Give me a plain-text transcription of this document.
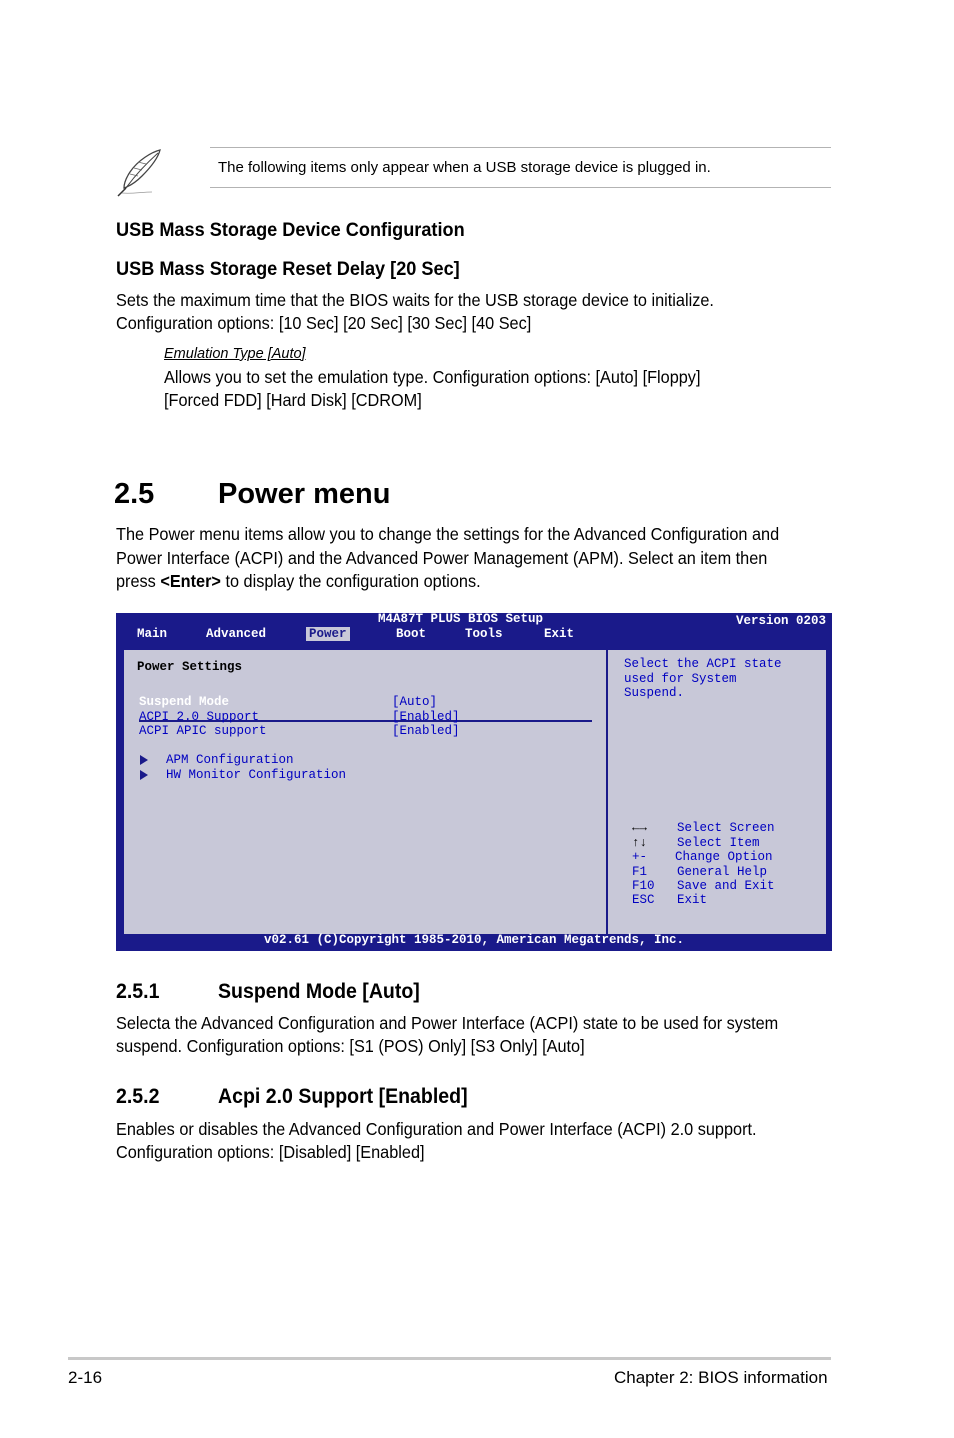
The following items only appear when a USB storage device is plugged in.
USB Mass Storage Device Configuration
USB Mass Storage Reset Delay [20 Sec]
Sets the maximum time that the BIOS waits for the USB storage device to initialize.
Configuration options: [10 Sec] [20 Sec] [30 Sec] [40 Sec]
Emulation Type [Auto]
Allows you to set the emulation type. Configuration options: [Auto] [Floppy]
[Forced FDD] [Hard Disk] [CDROM]
2.5 Power menu
The Power menu items allow you to change the settings for the Advanced Configuration and
Power Interface (ACPI) and the Advanced Power Management (APM). Select an item then
press <Enter> to display the configuration options.
M4A87T PLUS BIOS Setup	Version 0203
Main	Advanced	Power	Boot	Tools	Exit
Power Settings
Suspend Mode	[Auto]
ACPI 2.0 Support	[Enabled]
ACPI APIC support	[Enabled]
APM Configuration
HW Monitor Configuration
Select the ACPI state
used for System
Suspend.
←→ Select Screen
↑↓ Select Item
+- Change Option
F1 General Help
F10 Save and Exit
ESC Exit
v02.61 (C)Copyright 1985-2010, American Megatrends, Inc.
2.5.1	Suspend Mode [Auto]
Selecta the Advanced Configuration and Power Interface (ACPI) state to be used for system
suspend. Configuration options: [S1 (POS) Only] [S3 Only] [Auto]
2.5.2	Acpi 2.0 Support [Enabled]
Enables or disables the Advanced Configuration and Power Interface (ACPI) 2.0 support.
Configuration options: [Disabled] [Enabled]
2-16	Chapter 2: BIOS information
